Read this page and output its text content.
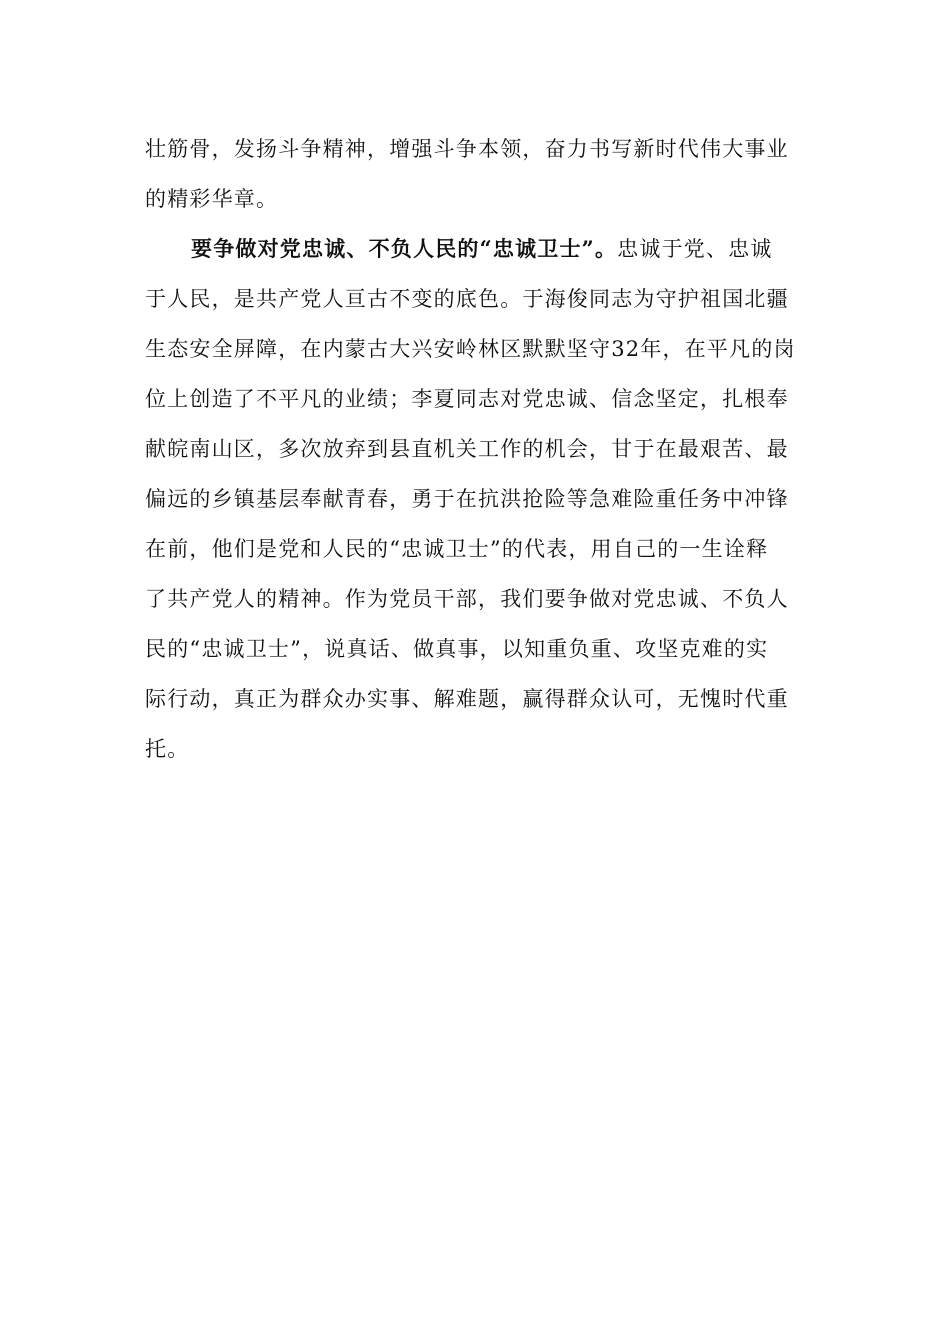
壮筋骨，发扬斗争精神，增强斗争本领，奋力书写新时代伟大事业
的精彩华章。
要争做对党忠诚、不负人民的“忠诚卫士”。忠诚于党、忠诚
于人民，是共产党人亘古不变的底色。于海俊同志为守护祖国北疆
生态安全屏障，在内蒙古大兴安岭林区默默坚守32年，在平凡的岗
位上创造了不平凡的业绩；李夏同志对党忠诚、信念坚定，扎根奉
献皖南山区，多次放弃到县直机关工作的机会，甘于在最艰苦、最
偏远的乡镇基层奉献青春，勇于在抗洪抢险等急难险重任务中冲锋
在前，他们是党和人民的“忠诚卫士”的代表，用自己的一生诠释
了共产党人的精神。作为党员干部，我们要争做对党忠诚、不负人
民的“忠诚卫士”，说真话、做真事，以知重负重、攻坚克难的实
际行动，真正为群众办实事、解难题，赢得群众认可，无愧时代重
托。
